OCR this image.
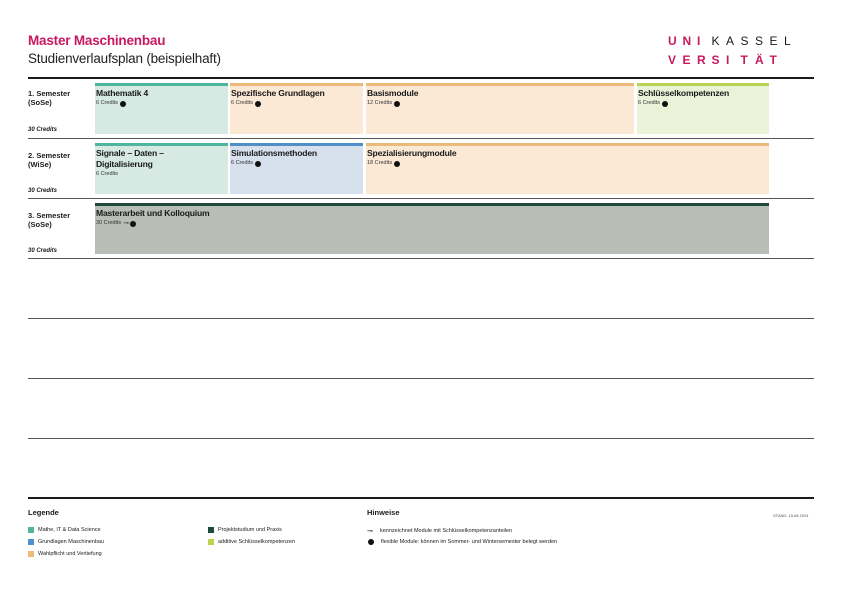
Master Maschinenbau
Studienverlaufsplan (beispielhaft)
U N I K A S S E L
V E R S I T Ä T
1. Semester
(SoSe)
30 Credits
Mathematik 4
6 Credits
Spezifische Grundlagen
6 Credits
Basismodule
12 Credits
Schlüsselkompetenzen
6 Credits
2. Semester
(WiSe)
30 Credits
Signale – Daten –
Digitalisierung
6 Credits
Simulationsmethoden
6 Credits
Spezialisierungmodule
18 Credits
3. Semester
(SoSe)
30 Credits
Masterarbeit und Kolloquium
30 Credits ⊸
Legende
Mathe, IT & Data Science
Grundlagen Maschinenbau
Wahlpflicht und Vertiefung
Projektstudium und Praxis
additive Schlüsselkompetenzen
Hinweise	STAND: 15.08.2024
⊸	kennzeichnet Module mit Schlüsselkompetenzanteilen
flexible Module: können im Sommer- und Wintersemester belegt werden
